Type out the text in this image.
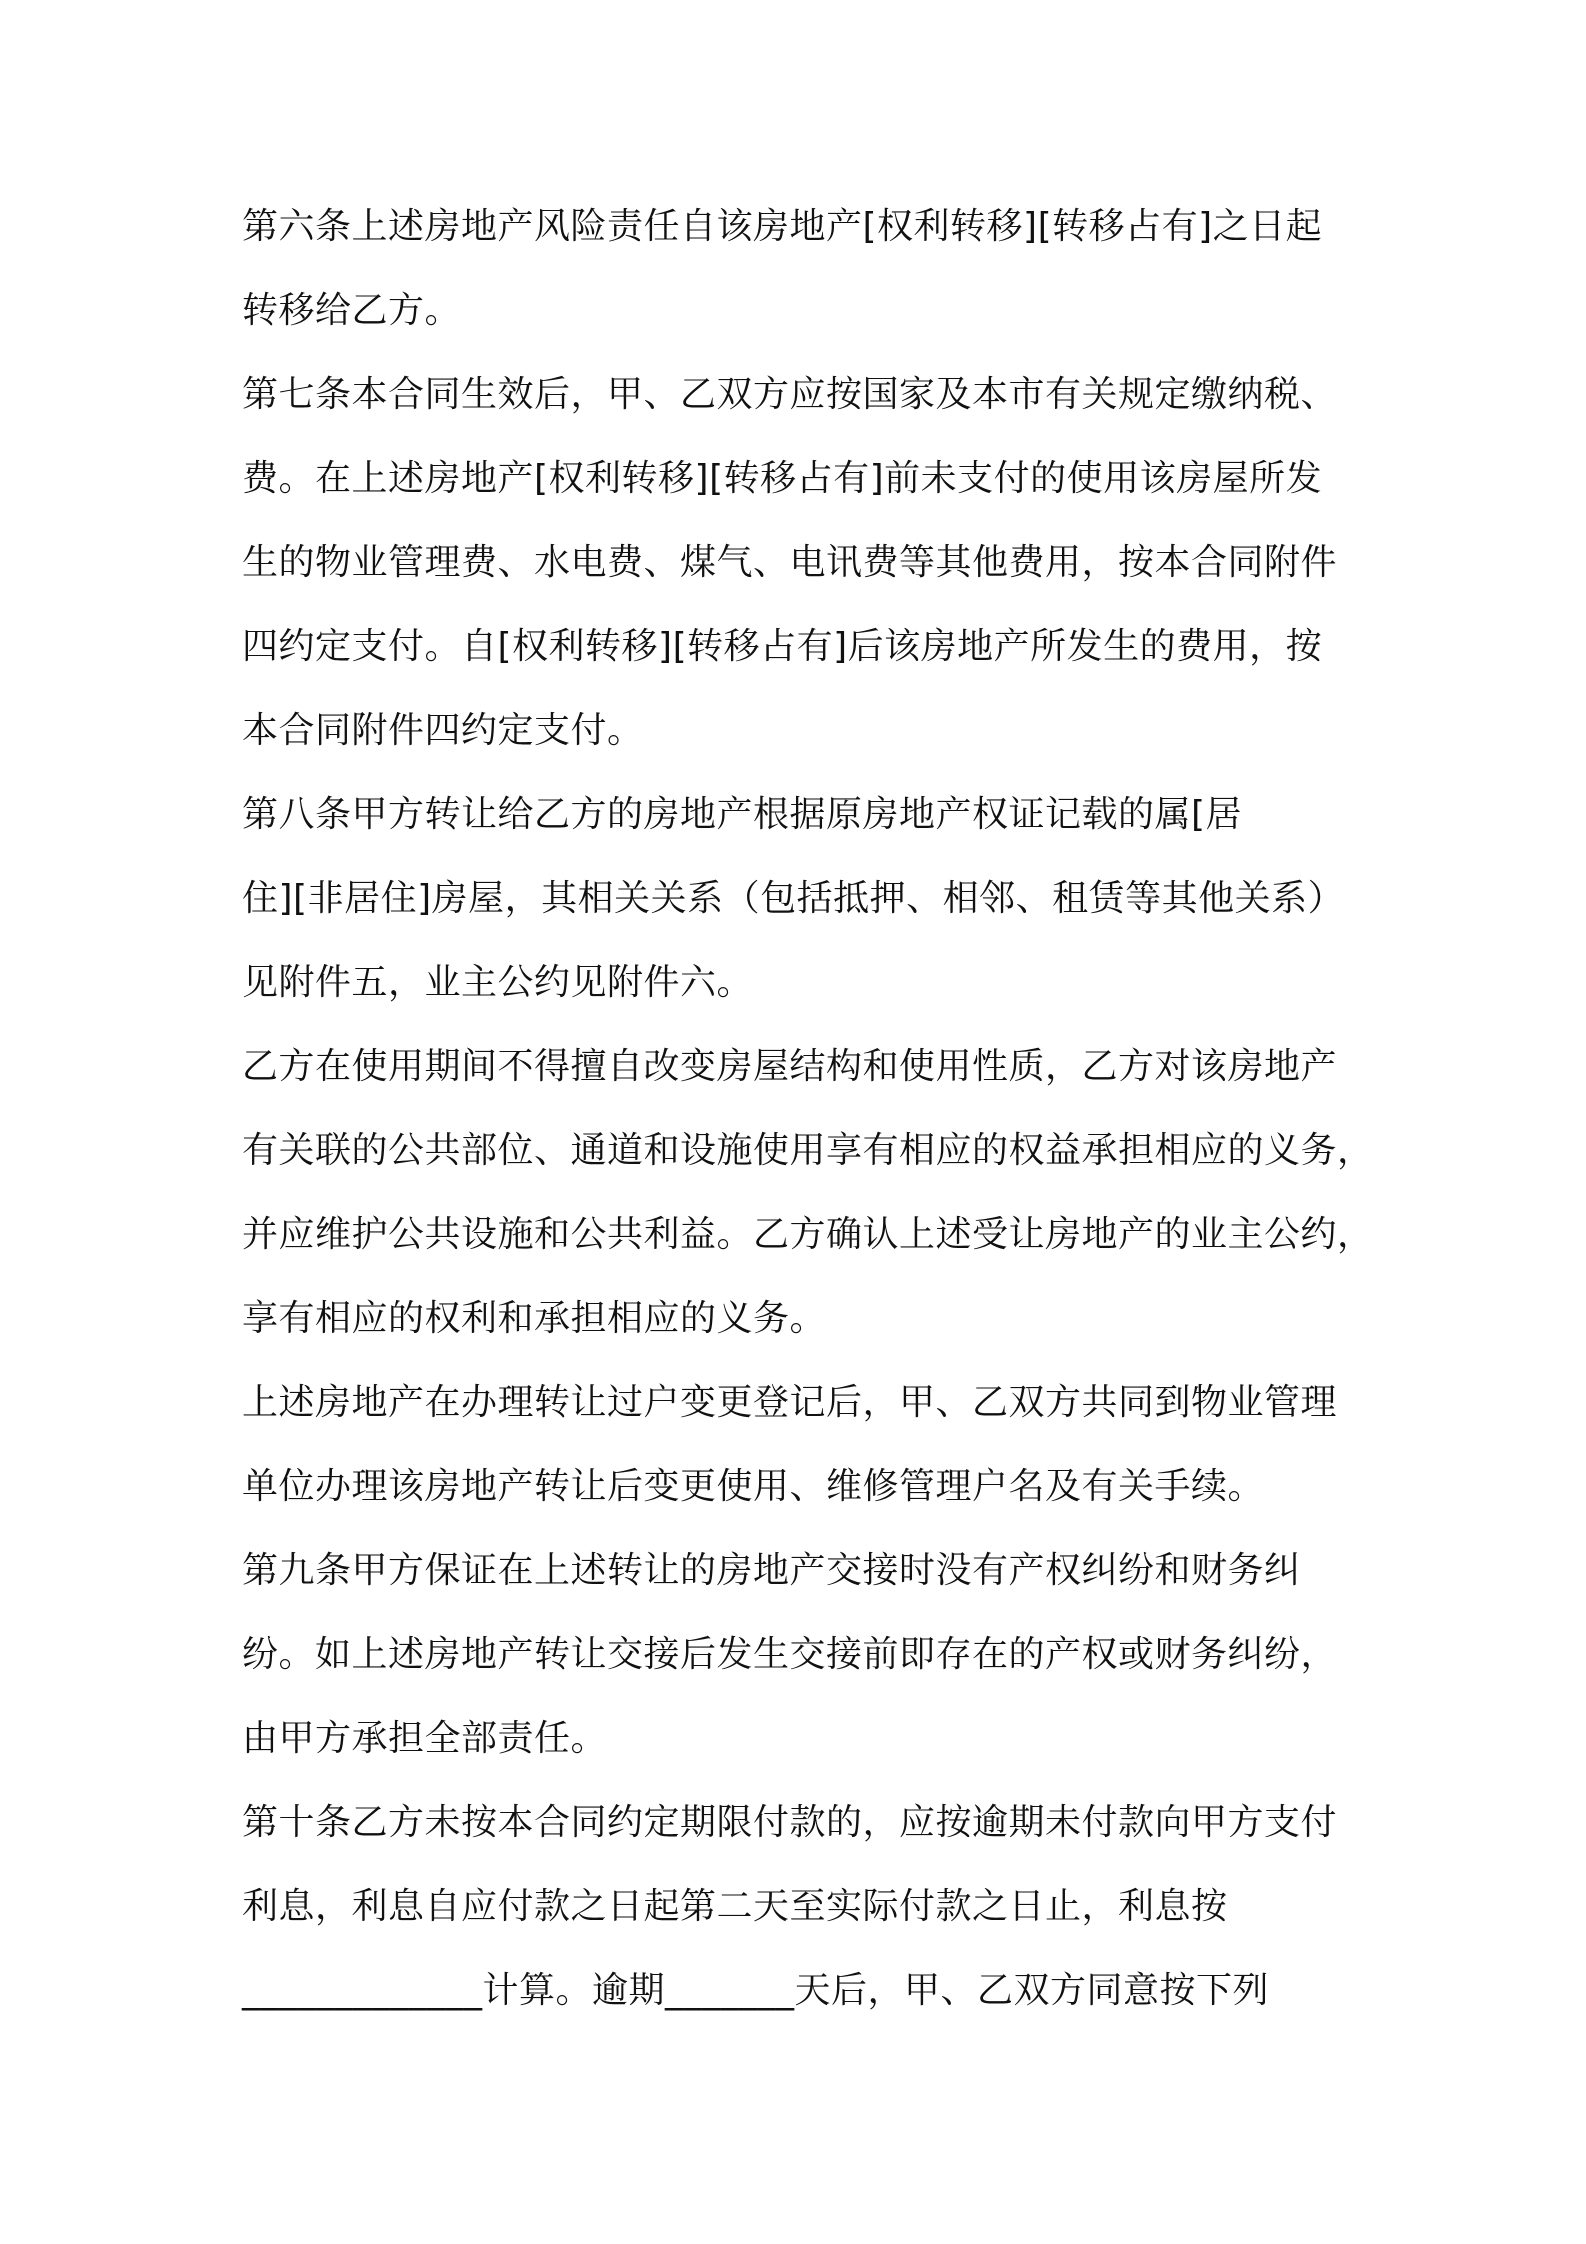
第六条上述房地产风险责任自该房地产[权利转移][转移占有]之日起
转移给乙方。
第七条本合同生效后，甲、乙双方应按国家及本市有关规定缴纳税、
费。在上述房地产[权利转移][转移占有]前未支付的使用该房屋所发
生的物业管理费、水电费、煤气、电讯费等其他费用，按本合同附件
四约定支付。自[权利转移][转移占有]后该房地产所发生的费用，按
本合同附件四约定支付。
第八条甲方转让给乙方的房地产根据原房地产权证记载的属[居
住][非居住]房屋，其相关关系（包括抵押、相邻、租赁等其他关系）
见附件五，业主公约见附件六。
乙方在使用期间不得擅自改变房屋结构和使用性质，乙方对该房地产
有关联的公共部位、通道和设施使用享有相应的权益承担相应的义务，
并应维护公共设施和公共利益。乙方确认上述受让房地产的业主公约，
享有相应的权利和承担相应的义务。
上述房地产在办理转让过户变更登记后，甲、乙双方共同到物业管理
单位办理该房地产转让后变更使用、维修管理户名及有关手续。
第九条甲方保证在上述转让的房地产交接时没有产权纠纷和财务纠
纷。如上述房地产转让交接后发生交接前即存在的产权或财务纠纷，
由甲方承担全部责任。
第十条乙方未按本合同约定期限付款的，应按逾期未付款向甲方支付
利息，利息自应付款之日起第二天至实际付款之日止，利息按
_____________计算。逾期_______天后，甲、乙双方同意按下列
